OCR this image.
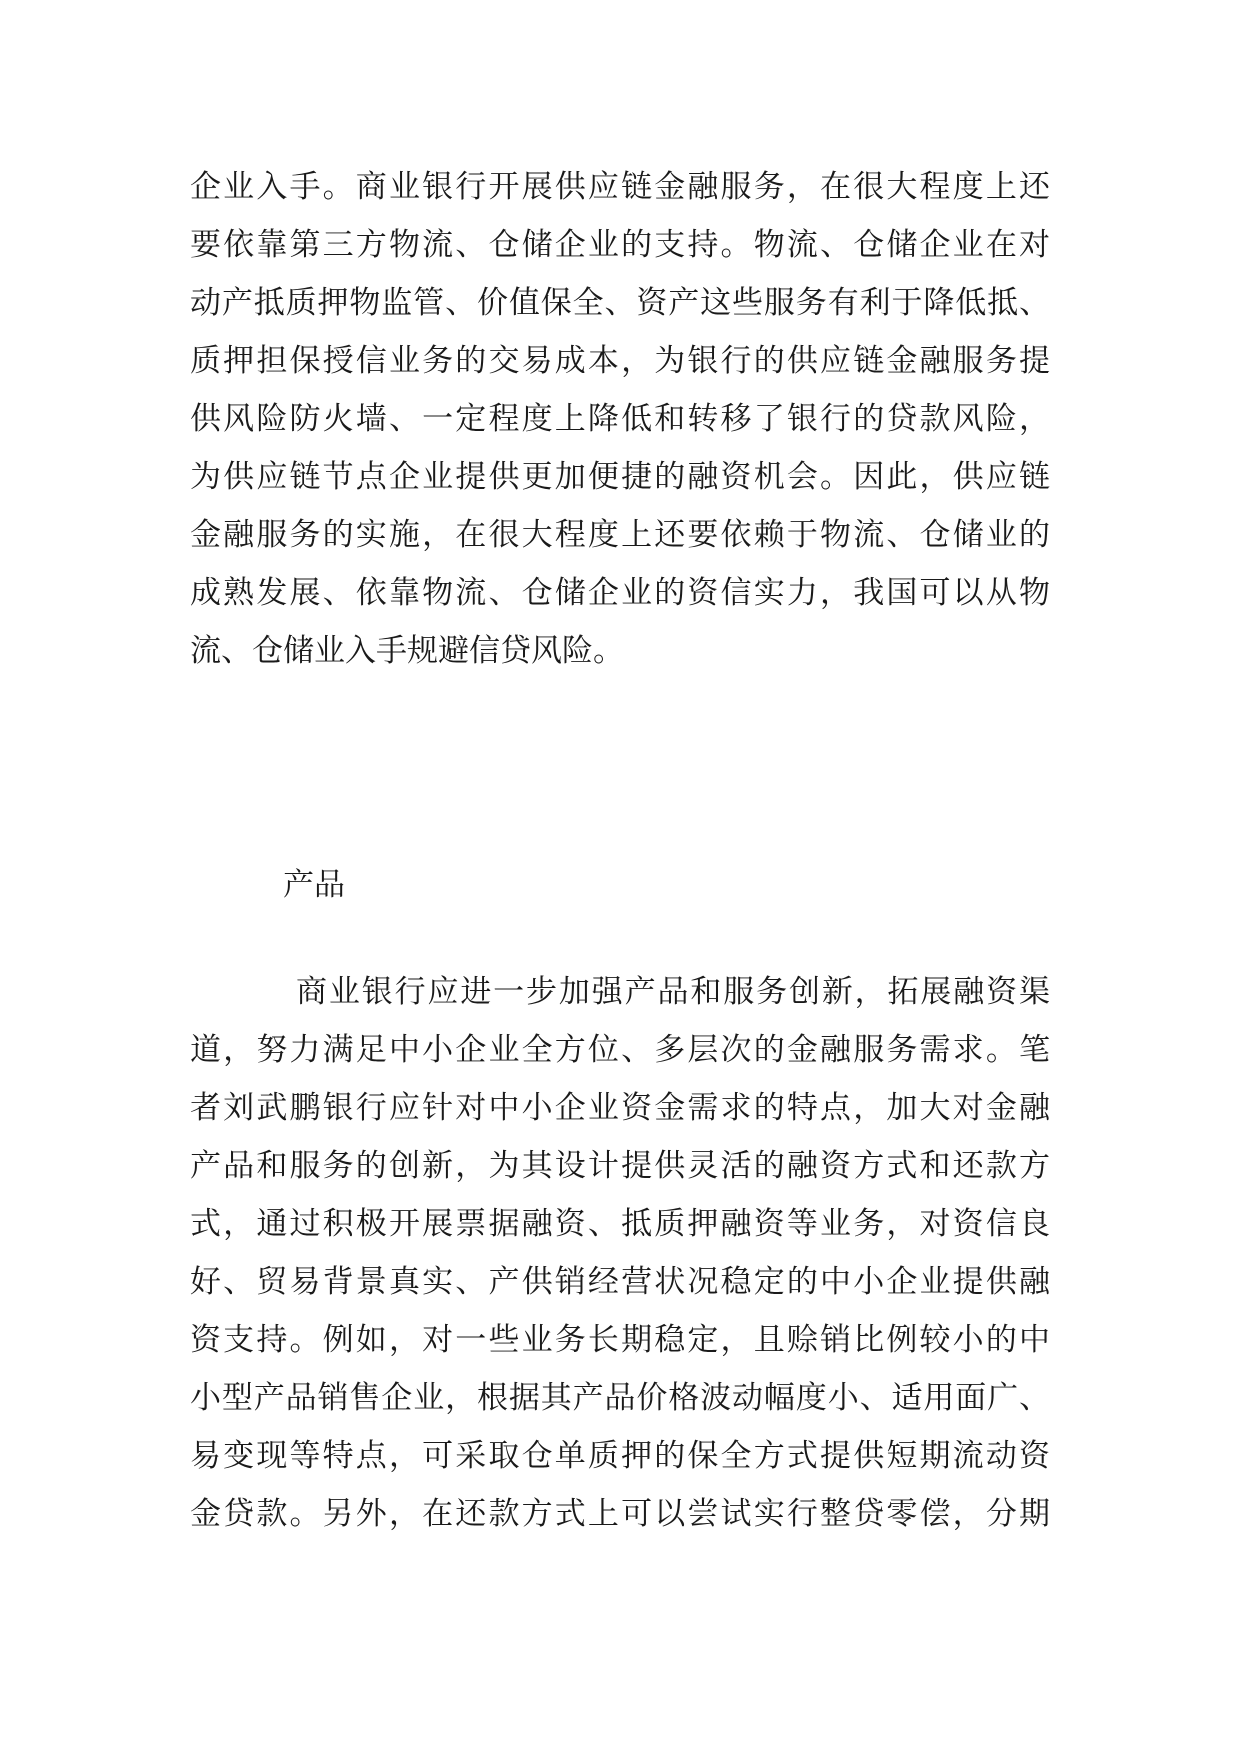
企业入手。商业银行开展供应链金融服务，在很大程度上还
要依靠第三方物流、仓储企业的支持。物流、仓储企业在对
动产抵质押物监管、价值保全、资产这些服务有利于降低抵、
质押担保授信业务的交易成本，为银行的供应链金融服务提
供风险防火墙、一定程度上降低和转移了银行的贷款风险，
为供应链节点企业提供更加便捷的融资机会。因此，供应链
金融服务的实施，在很大程度上还要依赖于物流、仓储业的
成熟发展、依靠物流、仓储企业的资信实力，我国可以从物
流、仓储业入手规避信贷风险。
产品
商业银行应进一步加强产品和服务创新，拓展融资渠
道，努力满足中小企业全方位、多层次的金融服务需求。笔
者刘武鹏银行应针对中小企业资金需求的特点，加大对金融
产品和服务的创新，为其设计提供灵活的融资方式和还款方
式，通过积极开展票据融资、抵质押融资等业务，对资信良
好、贸易背景真实、产供销经营状况稳定的中小企业提供融
资支持。例如，对一些业务长期稳定，且赊销比例较小的中
小型产品销售企业，根据其产品价格波动幅度小、适用面广、
易变现等特点，可采取仓单质押的保全方式提供短期流动资
金贷款。另外，在还款方式上可以尝试实行整贷零偿，分期
